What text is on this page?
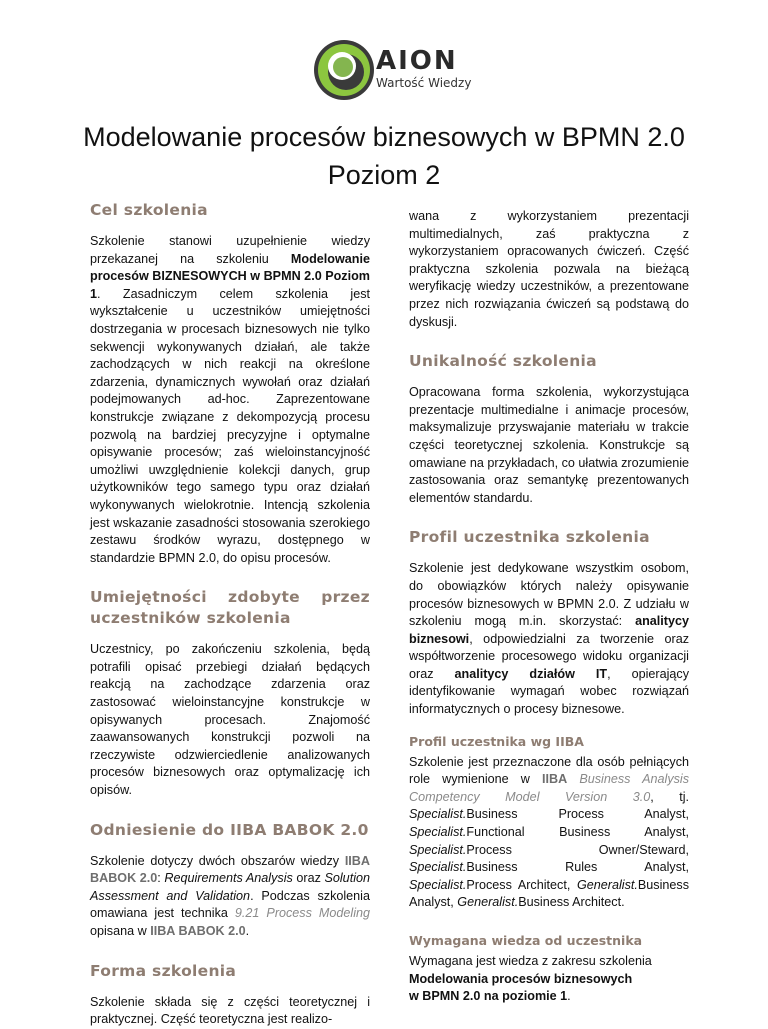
AION
Wartość Wiedzy
Modelowanie procesów biznesowych w BPMN 2.0
Poziom 2
Cel szkolenia

Szkolenie stanowi uzupełnienie wiedzy przekazanej na szkoleniu Modelowanie procesów BIZNESOWYCH w BPMN 2.0 Poziom 1. Zasadniczym celem szkolenia jest wykształcenie u uczestników umiejętności dostrzegania w procesach biznesowych nie tylko sekwencji wykonywanych działań, ale także zachodzących w nich reakcji na określone zdarzenia, dynamicznych wywołań oraz działań podejmowanych ad-hoc. Zaprezentowane konstrukcje związane z dekompozycją procesu pozwolą na bardziej precyzyjne i optymalne opisywanie procesów; zaś wieloinstancyjność umożliwi uwzględnienie kolekcji danych, grup użytkowników tego samego typu oraz działań wykonywanych wielokrotnie. Intencją szkolenia jest wskazanie zasadności stosowania szerokiego zestawu środków wyrazu, dostępnego w standardzie BPMN 2.0, do opisu procesów.

Umiejętności zdobyte przez uczestników szkolenia

Uczestnicy, po zakończeniu szkolenia, będą potrafili opisać przebiegi działań będących reakcją na zachodzące zdarzenia oraz zastosować wieloinstancyjne konstrukcje w opisywanych procesach. Znajomość zaawansowanych konstrukcji pozwoli na rzeczywiste odzwierciedlenie analizowanych procesów biznesowych oraz optymalizację ich opisów.

Odniesienie do IIBA BABOK 2.0

Szkolenie dotyczy dwóch obszarów wiedzy IIBA BABOK 2.0: Requirements Analysis oraz Solution Assessment and Validation. Podczas szkolenia omawiana jest technika 9.21 Process Modeling opisana w IIBA BABOK 2.0.

Forma szkolenia

Szkolenie składa się z części teoretycznej i praktycznej. Część teoretyczna jest realizo-

wana z wykorzystaniem prezentacji multimedialnych, zaś praktyczna z wykorzystaniem opracowanych ćwiczeń. Część praktyczna szkolenia pozwala na bieżącą weryfikację wiedzy uczestników, a prezentowane przez nich rozwiązania ćwiczeń są podstawą do dyskusji.

Unikalność szkolenia

Opracowana forma szkolenia, wykorzystująca prezentacje multimedialne i animacje procesów, maksymalizuje przyswajanie materiału w trakcie części teoretycznej szkolenia. Konstrukcje są omawiane na przykładach, co ułatwia zrozumienie zastosowania oraz semantykę prezentowanych elementów standardu.

Profil uczestnika szkolenia

Szkolenie jest dedykowane wszystkim osobom, do obowiązków których należy opisywanie procesów biznesowych w BPMN 2.0. Z udziału w szkoleniu mogą m.in. skorzystać: analitycy biznesowi, odpowiedzialni za tworzenie oraz współtworzenie procesowego widoku organizacji oraz analitycy działów IT, opierający identyfikowanie wymagań wobec rozwiązań informatycznych o procesy biznesowe.

Profil uczestnika wg IIBA

Szkolenie jest przeznaczone dla osób pełniących role wymienione w IIBA Business Analysis Competency Model Version 3.0, tj. Specialist.Business Process Analyst, Specialist.Functional Business Analyst, Specialist.Process Owner/Steward, Specialist.Business Rules Analyst, Specialist.Process Architect, Generalist.Business Analyst, Generalist.Business Architect.

Wymagana wiedza od uczestnika

Wymagana jest wiedza z zakresu szkolenia Modelowania procesów biznesowych
w BPMN 2.0 na poziomie 1.
